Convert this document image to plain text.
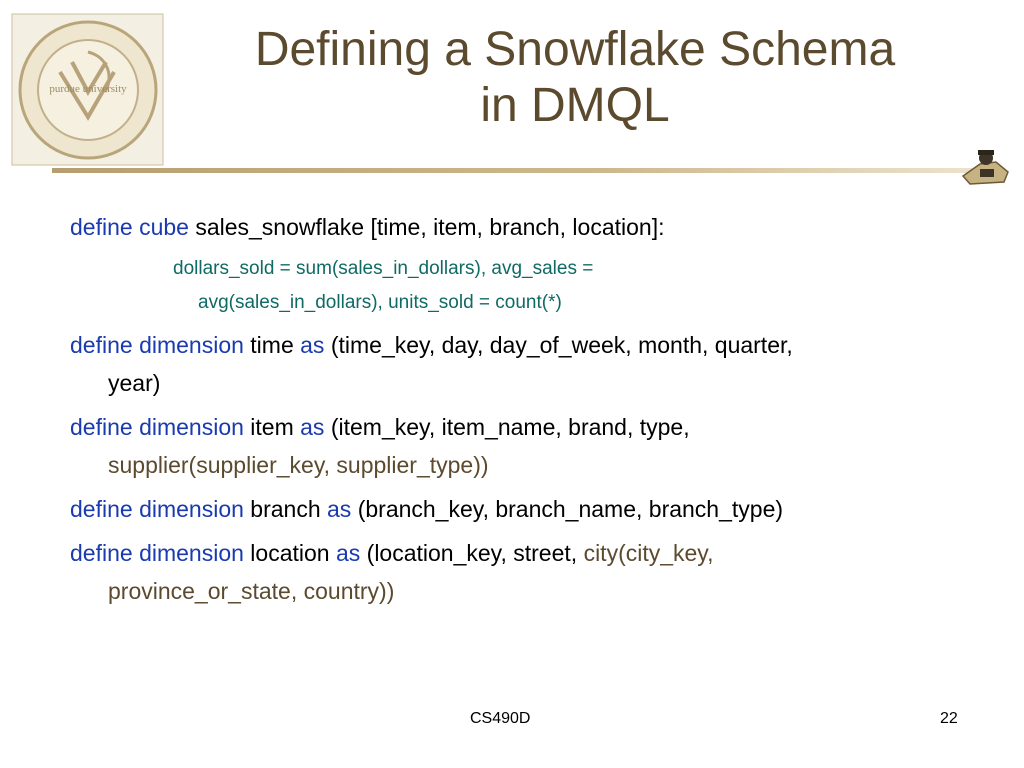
purdue university
Defining a Snowflake Schema
in DMQL
define cube sales_snowflake [time, item, branch, location]:
dollars_sold = sum(sales_in_dollars), avg_sales =
avg(sales_in_dollars), units_sold = count(*)
define dimension time as (time_key, day, day_of_week, month, quarter,
year)
define dimension item as (item_key, item_name, brand, type,
supplier(supplier_key, supplier_type))
define dimension branch as (branch_key, branch_name, branch_type)
define dimension location as (location_key, street, city(city_key,
province_or_state, country))
CS490D	22
